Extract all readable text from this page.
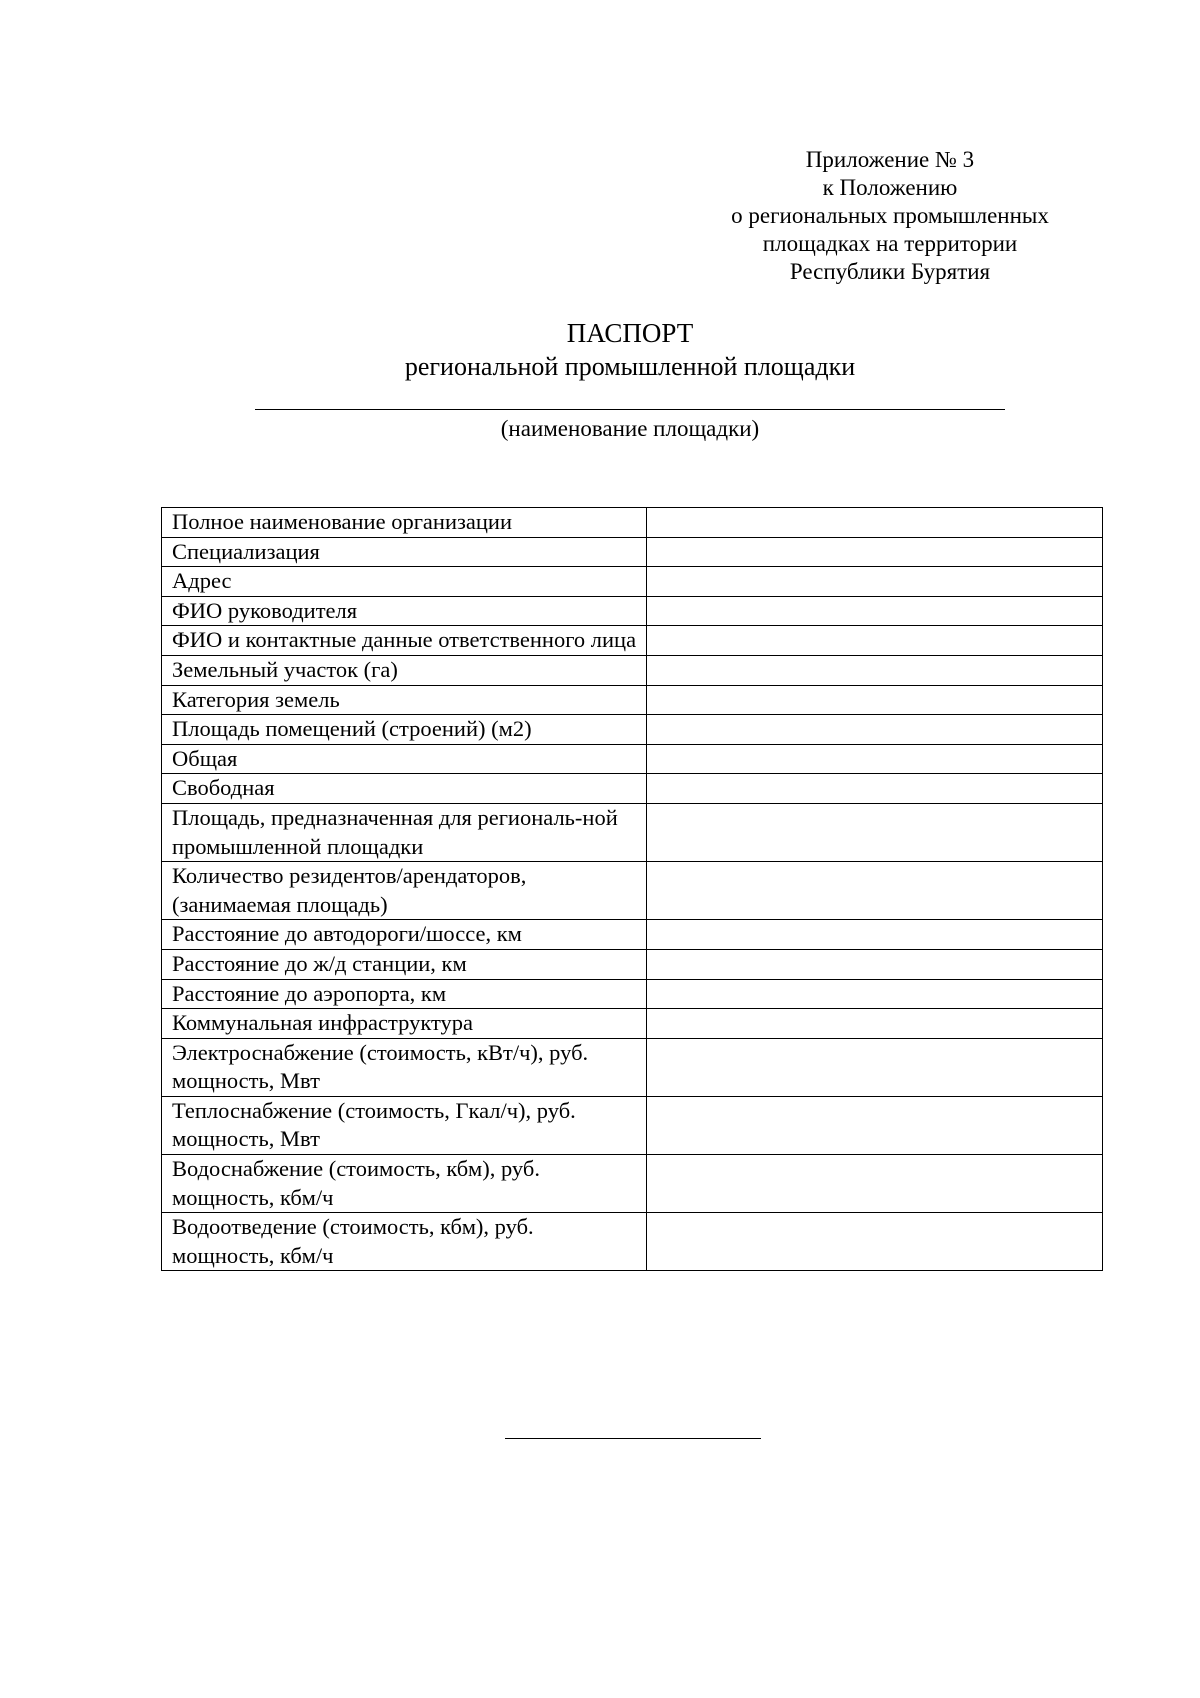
Приложение № 3
к Положению
о региональных промышленных
площадках на территории
Республики Бурятия
ПАСПОРТ
региональной промышленной площадки
(наименование площадки)
Полное наименование организации	
Специализация	
Адрес	
ФИО руководителя	
ФИО и контактные данные ответственного лица	
Земельный участок (га)	
Категория земель	
Площадь помещений (строений) (м2)	
Общая	
Свободная	
Площадь, предназначенная для региональ-ной промышленной площадки	
Количество резидентов/арендаторов, (занимаемая площадь)	
Расстояние до автодороги/шоссе, км	
Расстояние до ж/д станции, км	
Расстояние до аэропорта, км	
Коммунальная инфраструктура	
Электроснабжение (стоимость, кВт/ч), руб. мощность, Мвт	
Теплоснабжение (стоимость, Гкал/ч), руб. мощность, Мвт	
Водоснабжение (стоимость, кбм), руб. мощность, кбм/ч	
Водоотведение (стоимость, кбм), руб. мощность, кбм/ч	
